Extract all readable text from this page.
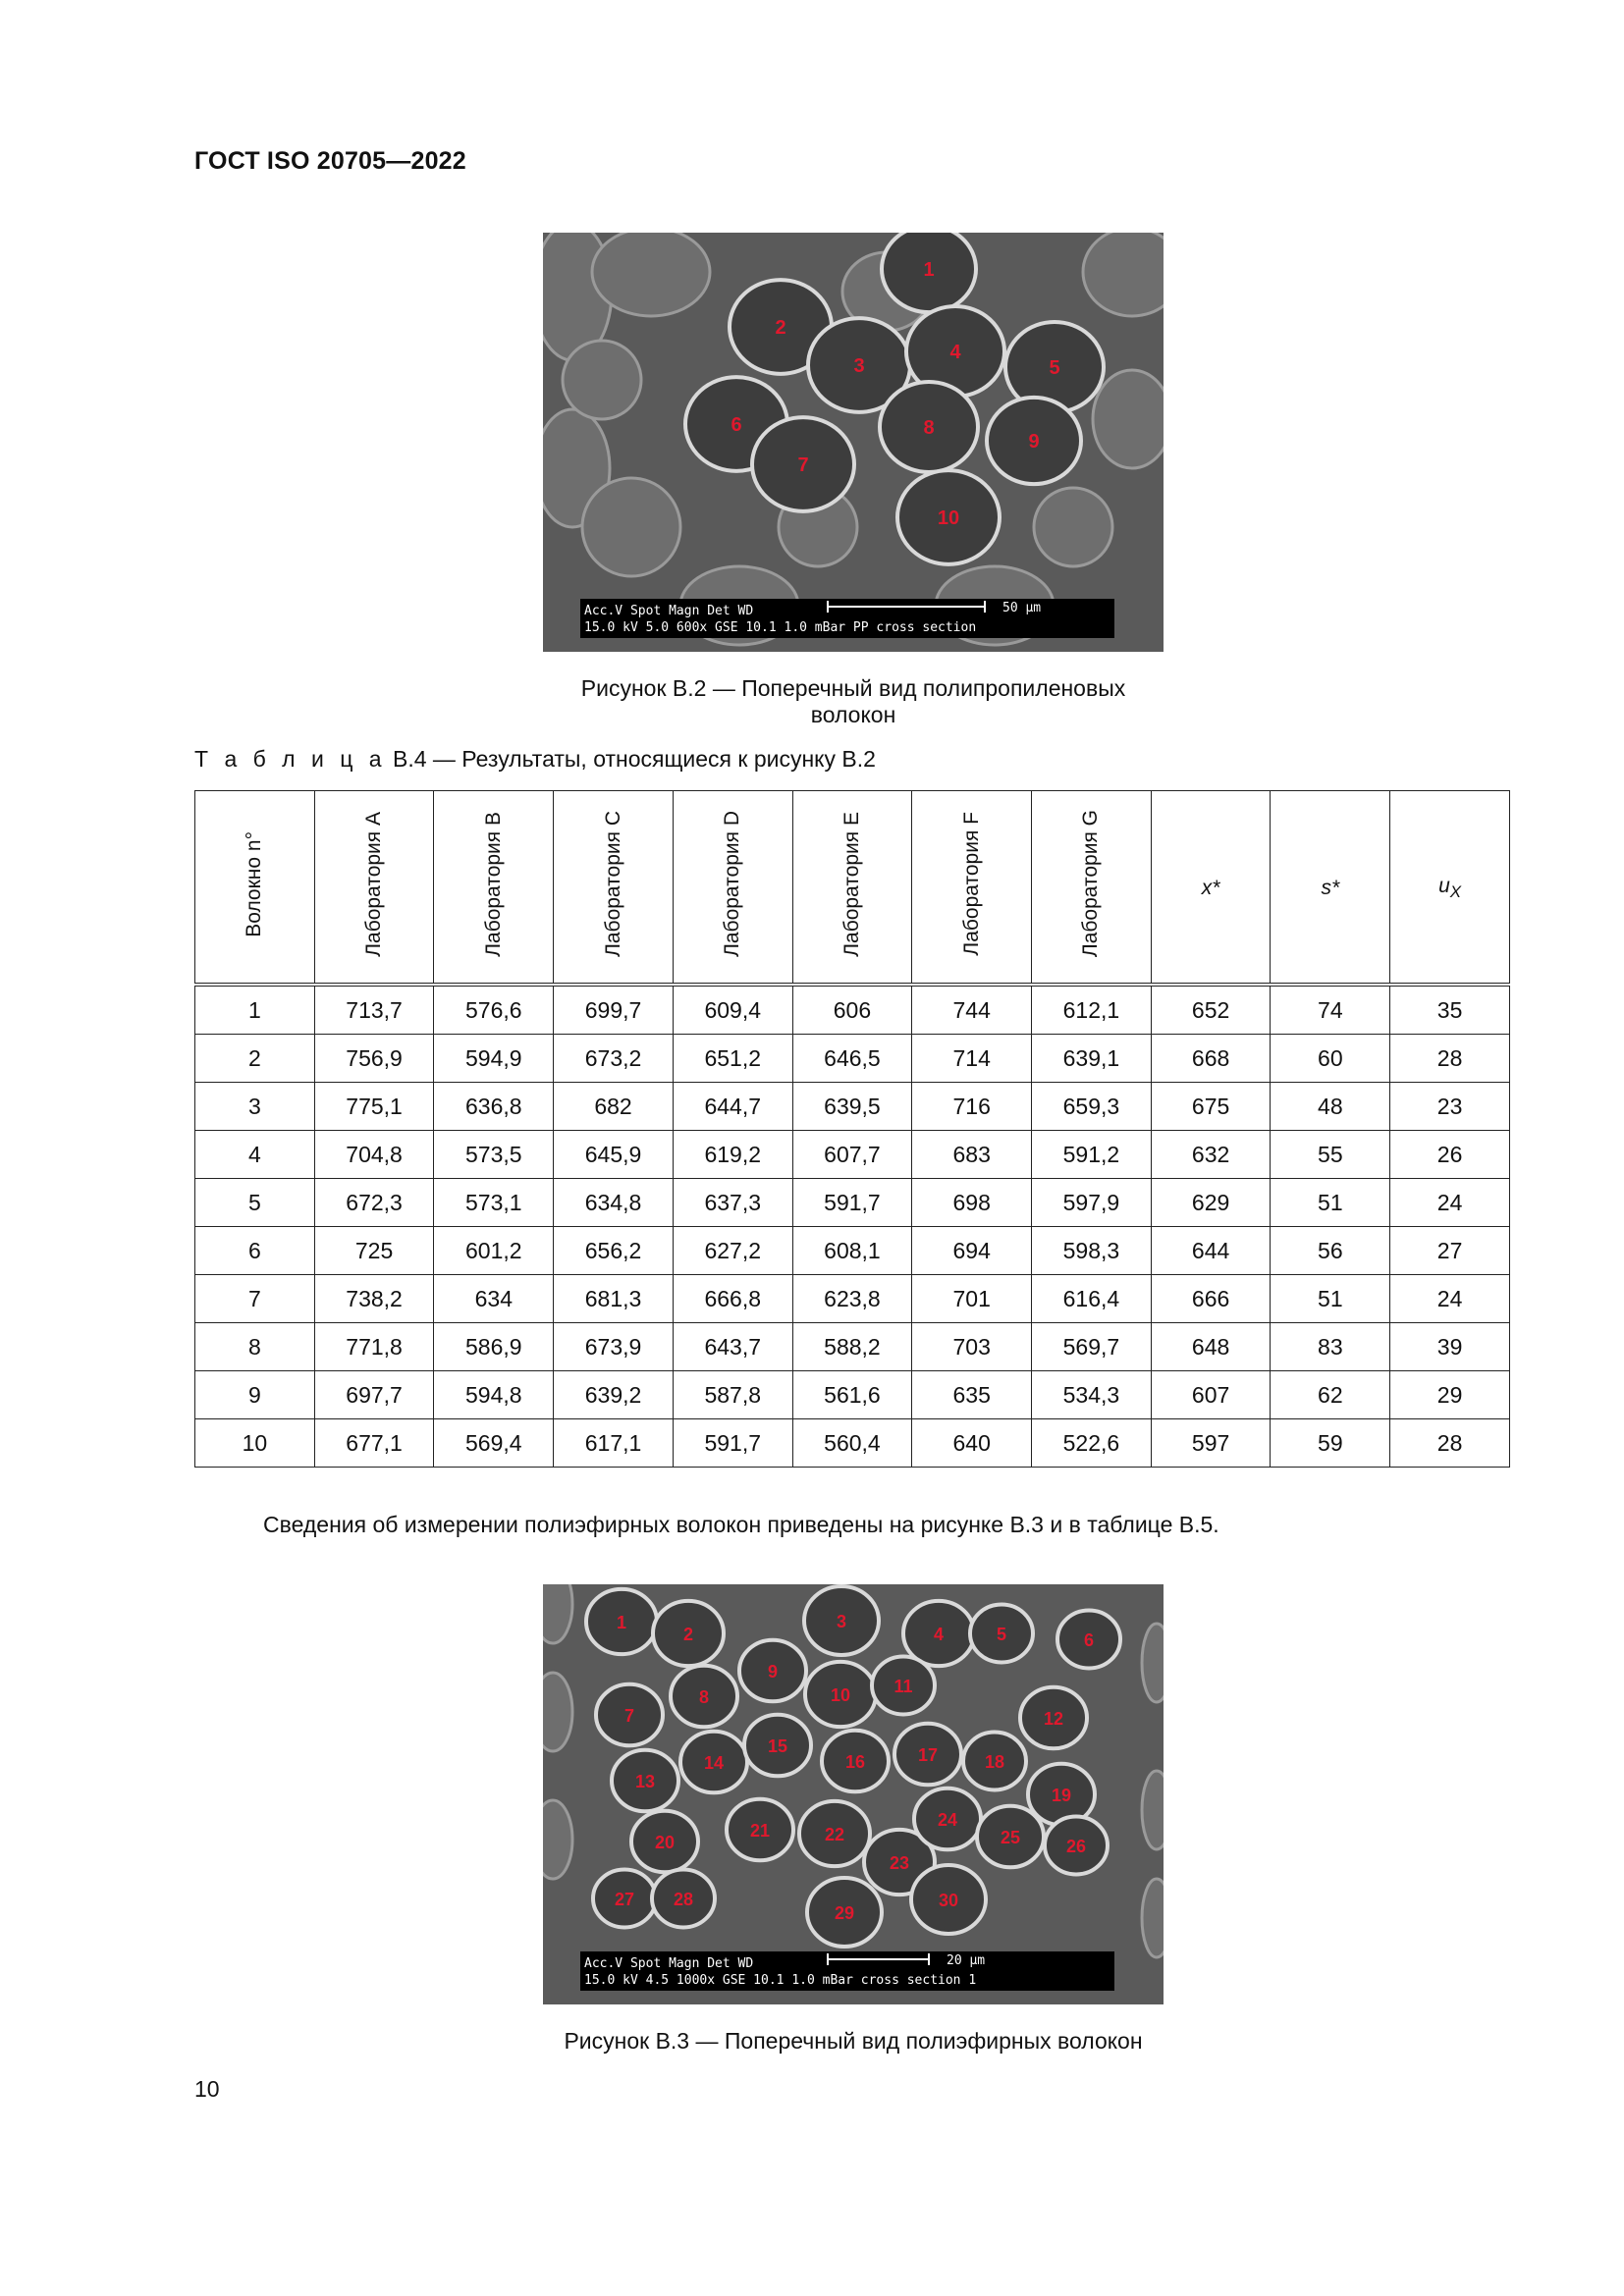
ГОСТ ISO 20705—2022
1
2
3
4
5
6
7
8
9
10
Acc.V Spot Magn Det WD
15.0 kV 5.0 600x GSE 10.1 1.0 mBar PP cross section
50 µm
Рисунок В.2 — Поперечный вид полипропиленовых волокон
Т а б л и ц а В.4 — Результаты, относящиеся к рисунку В.2
Волокно n°	Лаборатория А	Лаборатория В	Лаборатория С	Лаборатория D	Лаборатория Е	Лаборатория F	Лаборатория G	x*	s*	$u_X$
1	713,7	576,6	699,7	609,4	606	744	612,1	652	74	35
2	756,9	594,9	673,2	651,2	646,5	714	639,1	668	60	28
3	775,1	636,8	682	644,7	639,5	716	659,3	675	48	23
4	704,8	573,5	645,9	619,2	607,7	683	591,2	632	55	26
5	672,3	573,1	634,8	637,3	591,7	698	597,9	629	51	24
6	725	601,2	656,2	627,2	608,1	694	598,3	644	56	27
7	738,2	634	681,3	666,8	623,8	701	616,4	666	51	24
8	771,8	586,9	673,9	643,7	588,2	703	569,7	648	83	39
9	697,7	594,8	639,2	587,8	561,6	635	534,3	607	62	29
10	677,1	569,4	617,1	591,7	560,4	640	522,6	597	59	28
Сведения об измерении полиэфирных волокон приведены на рисунке В.3 и в таблице В.5.
1
2
3
4	5	6
7
8
9
10 11
12
13
14
15
16	17	18
19
20
21	22
23
24
25	26
27 28
29
30
Acc.V Spot Magn Det WD
15.0 kV 4.5 1000x GSE 10.1 1.0 mBar cross section 1
20 µm
Рисунок В.3 — Поперечный вид полиэфирных волокон
10
